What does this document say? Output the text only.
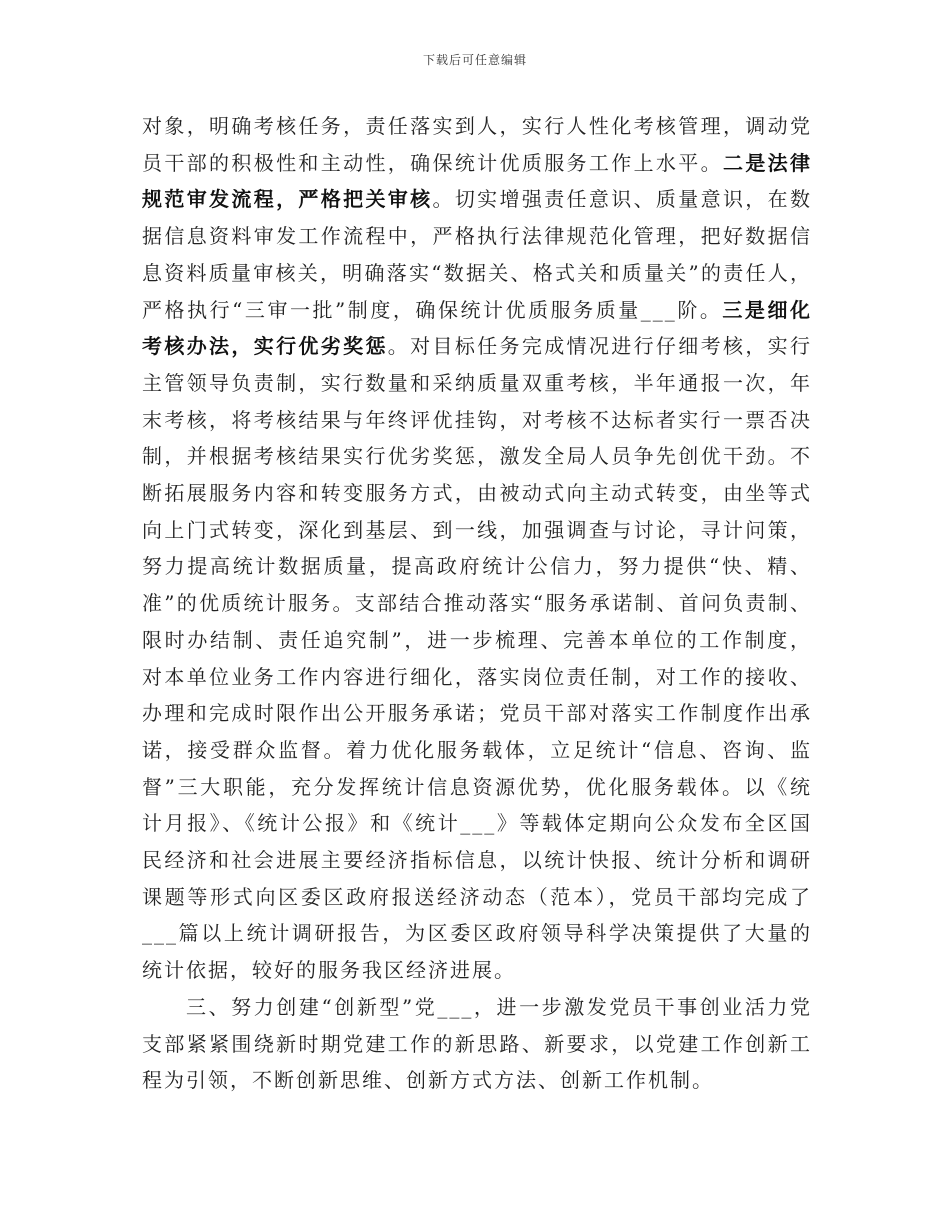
下载后可任意编辑

对象，明确考核任务，责任落实到人，实行人性化考核管理，调动党员干部的积极性和主动性，确保统计优质服务工作上水平。二是法律规范审发流程，严格把关审核。切实增强责任意识、质量意识，在数据信息资料审发工作流程中，严格执行法律规范化管理，把好数据信息资料质量审核关，明确落实“数据关、格式关和质量关”的责任人，严格执行“三审一批”制度，确保统计优质服务质量___阶。三是细化考核办法，实行优劣奖惩。对目标任务完成情况进行仔细考核，实行主管领导负责制，实行数量和采纳质量双重考核，半年通报一次，年末考核，将考核结果与年终评优挂钩，对考核不达标者实行一票否决制，并根据考核结果实行优劣奖惩，激发全局人员争先创优干劲。不断拓展服务内容和转变服务方式，由被动式向主动式转变，由坐等式向上门式转变，深化到基层、到一线，加强调查与讨论，寻计问策，努力提高统计数据质量，提高政府统计公信力，努力提供“快、精、准”的优质统计服务。支部结合推动落实“服务承诺制、首问负责制、限时办结制、责任追究制”，进一步梳理、完善本单位的工作制度，对本单位业务工作内容进行细化，落实岗位责任制，对工作的接收、办理和完成时限作出公开服务承诺；党员干部对落实工作制度作出承诺，接受群众监督。着力优化服务载体，立足统计“信息、咨询、监督”三大职能，充分发挥统计信息资源优势，优化服务载体。以《统计月报》、《统计公报》和《统计___》等载体定期向公众发布全区国民经济和社会进展主要经济指标信息，以统计快报、统计分析和调研课题等形式向区委区政府报送经济动态（范本），党员干部均完成了___篇以上统计调研报告，为区委区政府领导科学决策提供了大量的统计依据，较好的服务我区经济进展。

三、努力创建“创新型”党___，进一步激发党员干事创业活力党支部紧紧围绕新时期党建工作的新思路、新要求，以党建工作创新工程为引领，不断创新思维、创新方式方法、创新工作机制。
